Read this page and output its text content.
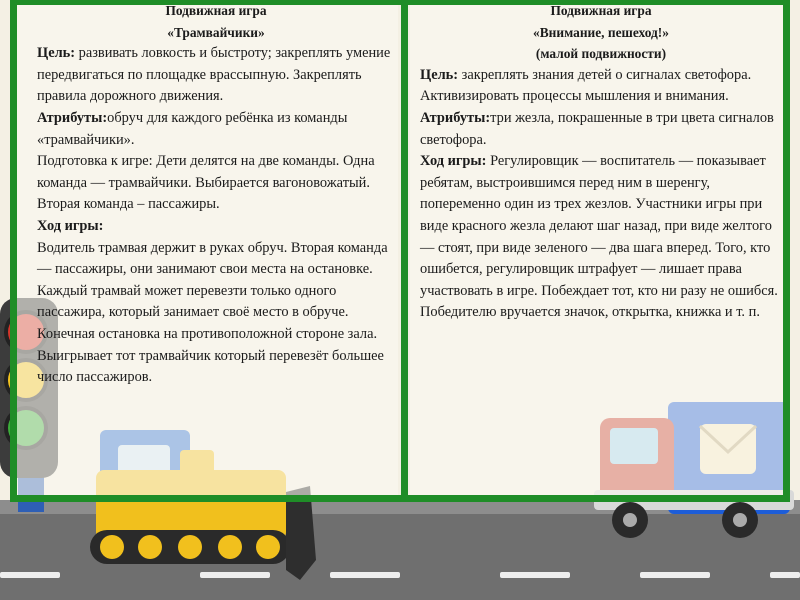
Подвижная игра
«Трамвайчики»

Цель: развивать ловкость и быстроту; закреплять умение передвигаться по площадке врассыпную. Закреплять правила дорожного движения.

Атрибуты:обруч для каждого ребёнка из команды «трамвайчики».

Подготовка к игре: Дети делятся на две команды. Одна команда — трамвайчики. Выбирается вагоновожатый. Вторая команда – пассажиры.

Ход игры:

Водитель трамвая держит в руках обруч. Вторая команда — пассажиры, они занимают свои места на остановке. Каждый трамвай может перевезти только одного пассажира, который занимает своё место в обруче. Конечная остановка на противоположной стороне зала. Выигрывает тот трамвайчик который перевезёт большее число пассажиров.

Подвижная игра
«Внимание, пешеход!»
(малой подвижности)

Цель: закреплять знания детей о сигналах светофора. Активизировать процессы мышления и внимания.

Атрибуты:три жезла, покрашенные в три цвета сигналов светофора.

Ход игры: Регулировщик — воспитатель — показывает ребятам, выстроившимся перед ним в шеренгу, попеременно один из трех жезлов. Участники игры при виде красного жезла делают шаг назад, при виде желтого — стоят, при виде зеленого — два шага вперед. Того, кто ошибется, регулировщик штрафует — лишает права участвовать в игре. Побеждает тот, кто ни разу не ошибся. Победителю вручается значок, открытка, книжка и т. п.
